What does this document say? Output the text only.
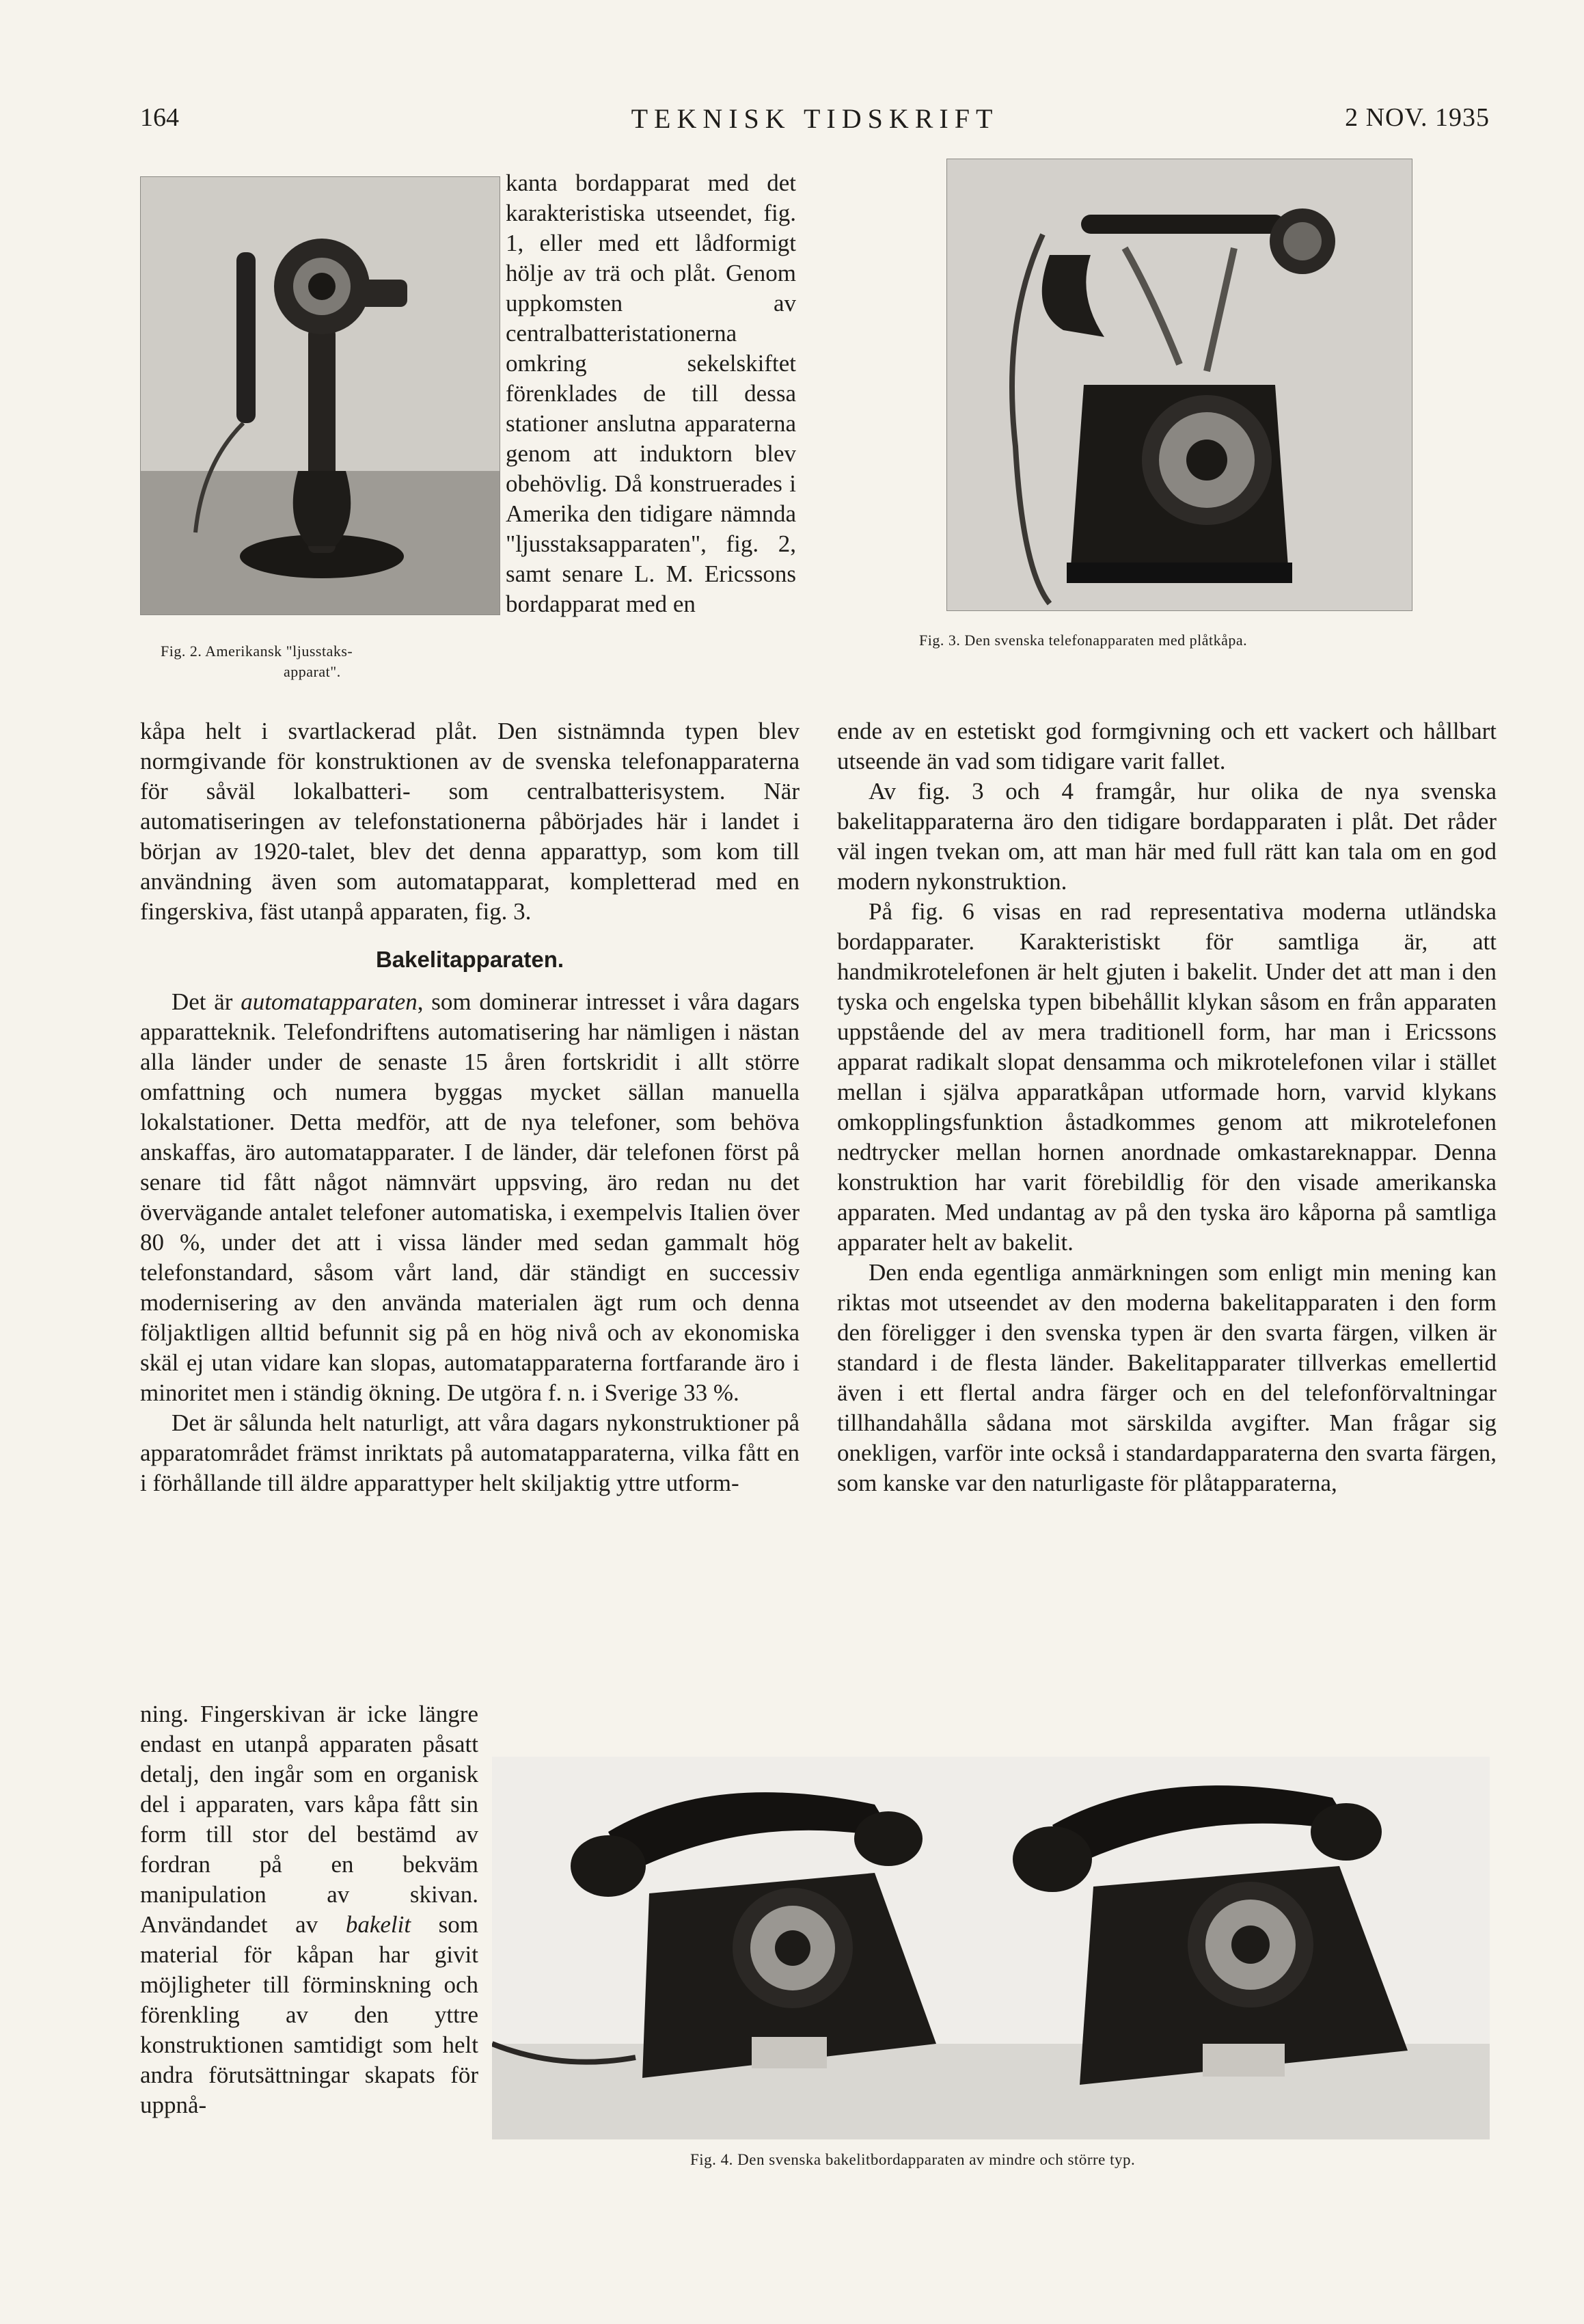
164	TEKNISK TIDSKRIFT	2 NOV. 1935
Fig. 2. Amerikansk "ljusstaks-
apparat".

kanta bordapparat med det karakteristiska utseendet, fig. 1, eller med ett lådformigt hölje av trä och plåt. Genom uppkomsten av centralbatteristationerna omkring sekelskiftet förenklades de till dessa stationer anslutna apparaterna genom att induktorn blev obehövlig. Då konstruerades i Amerika den tidigare nämnda "ljusstaksapparaten", fig. 2, samt senare L. M. Ericssons bordapparat med en

Fig. 3. Den svenska telefonapparaten med plåtkåpa.

kåpa helt i svartlackerad plåt. Den sistnämnda typen blev normgivande för konstruktionen av de svenska telefonapparaterna för såväl lokalbatteri- som centralbatterisystem. När automatiseringen av telefonstationerna påbörjades här i landet i början av 1920-talet, blev det denna apparattyp, som kom till användning även som automatapparat, kompletterad med en fingerskiva, fäst utanpå apparaten, fig. 3.

Bakelitapparaten.

Det är automatapparaten, som dominerar intresset i våra dagars apparatteknik. Telefondriftens automatisering har nämligen i nästan alla länder under de senaste 15 åren fortskridit i allt större omfattning och numera byggas mycket sällan manuella lokalstationer. Detta medför, att de nya telefoner, som behöva anskaffas, äro automatapparater. I de länder, där telefonen först på senare tid fått något nämnvärt uppsving, äro redan nu det övervägande antalet telefoner automatiska, i exempelvis Italien över 80 %, under det att i vissa länder med sedan gammalt hög telefonstandard, såsom vårt land, där ständigt en successiv modernisering av den använda materialen ägt rum och denna följaktligen alltid befunnit sig på en hög nivå och av ekonomiska skäl ej utan vidare kan slopas, automatapparaterna fortfarande äro i minoritet men i ständig ökning. De utgöra f. n. i Sverige 33 %.

Det är sålunda helt naturligt, att våra dagars nykonstruktioner på apparatområdet främst inriktats på automatapparaterna, vilka fått en i förhållande till äldre apparattyper helt skiljaktig yttre utform-

ning. Fingerskivan är icke längre endast en utanpå apparaten påsatt detalj, den ingår som en organisk del i apparaten, vars kåpa fått sin form till stor del bestämd av fordran på en bekväm manipulation av skivan. Användandet av bakelit som material för kåpan har givit möjligheter till förminskning och förenkling av den yttre konstruktionen samtidigt som helt andra förutsättningar skapats för uppnå-

ende av en estetiskt god formgivning och ett vackert och hållbart utseende än vad som tidigare varit fallet.

Av fig. 3 och 4 framgår, hur olika de nya svenska bakelitapparaterna äro den tidigare bordapparaten i plåt. Det råder väl ingen tvekan om, att man här med full rätt kan tala om en god modern nykonstruktion.

På fig. 6 visas en rad representativa moderna utländska bordapparater. Karakteristiskt för samtliga är, att handmikrotelefonen är helt gjuten i bakelit. Under det att man i den tyska och engelska typen bibehållit klykan såsom en från apparaten uppstående del av mera traditionell form, har man i Ericssons apparat radikalt slopat densamma och mikrotelefonen vilar i stället mellan i själva apparatkåpan utformade horn, varvid klykans omkopplingsfunktion åstadkommes genom att mikrotelefonen nedtrycker mellan hornen anordnade omkastareknappar. Denna konstruktion har varit förebildlig för den visade amerikanska apparaten. Med undantag av på den tyska äro kåporna på samtliga apparater helt av bakelit.

Den enda egentliga anmärkningen som enligt min mening kan riktas mot utseendet av den moderna bakelitapparaten i den form den föreligger i den svenska typen är den svarta färgen, vilken är standard i de flesta länder. Bakelitapparater tillverkas emellertid även i ett flertal andra färger och en del telefonförvaltningar tillhandahålla sådana mot särskilda avgifter. Man frågar sig onekligen, varför inte också i standardapparaterna den svarta färgen, som kanske var den naturligaste för plåtapparaterna,

Fig. 4. Den svenska bakelitbordapparaten av mindre och större typ.
